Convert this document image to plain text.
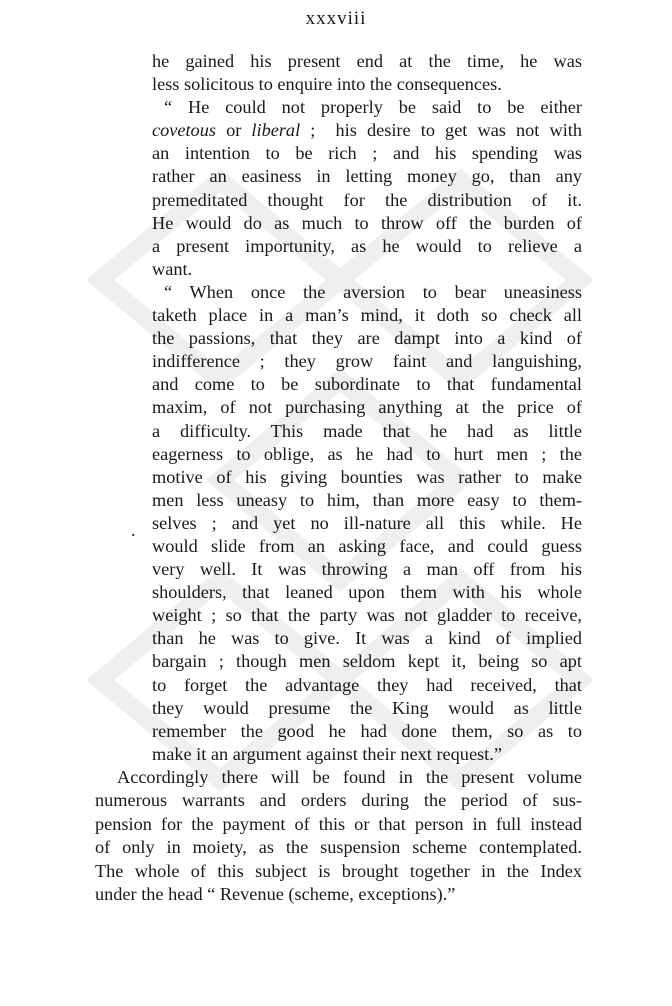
xxxviii
he gained his present end at the time, he was
less solicitous to enquire into the consequences.
“ He could not properly be said to be either
covetous or liberal ;  his desire to get was not with
an intention to be rich ; and his spending was
rather an easiness in letting money go, than any
premeditated thought for the distribution of it.
He would do as much to throw off the burden of
a present importunity, as he would to relieve a
want.
“ When once the aversion to bear uneasiness
taketh place in a man’s mind, it doth so check all
the passions, that they are dampt into a kind of
indifference ; they grow faint and languishing,
and come to be subordinate to that fundamental
maxim, of not purchasing anything at the price of
a difficulty. This made that he had as little
eagerness to oblige, as he had to hurt men ; the
motive of his giving bounties was rather to make
men less uneasy to him, than more easy to them-
selves ; and yet no ill-nature all this while. He
would slide from an asking face, and could guess
very well. It was throwing a man off from his
shoulders, that leaned upon them with his whole
weight ; so that the party was not gladder to receive,
than he was to give. It was a kind of implied
bargain ; though men seldom kept it, being so apt
to forget the advantage they had received, that
they would presume the King would as little
remember the good he had done them, so as to
make it an argument against their next request.”
.
Accordingly there will be found in the present volume
numerous warrants and orders during the period of sus-
pension for the payment of this or that person in full instead
of only in moiety, as the suspension scheme contemplated.
The whole of this subject is brought together in the Index
under the head “ Revenue (scheme, exceptions).”
